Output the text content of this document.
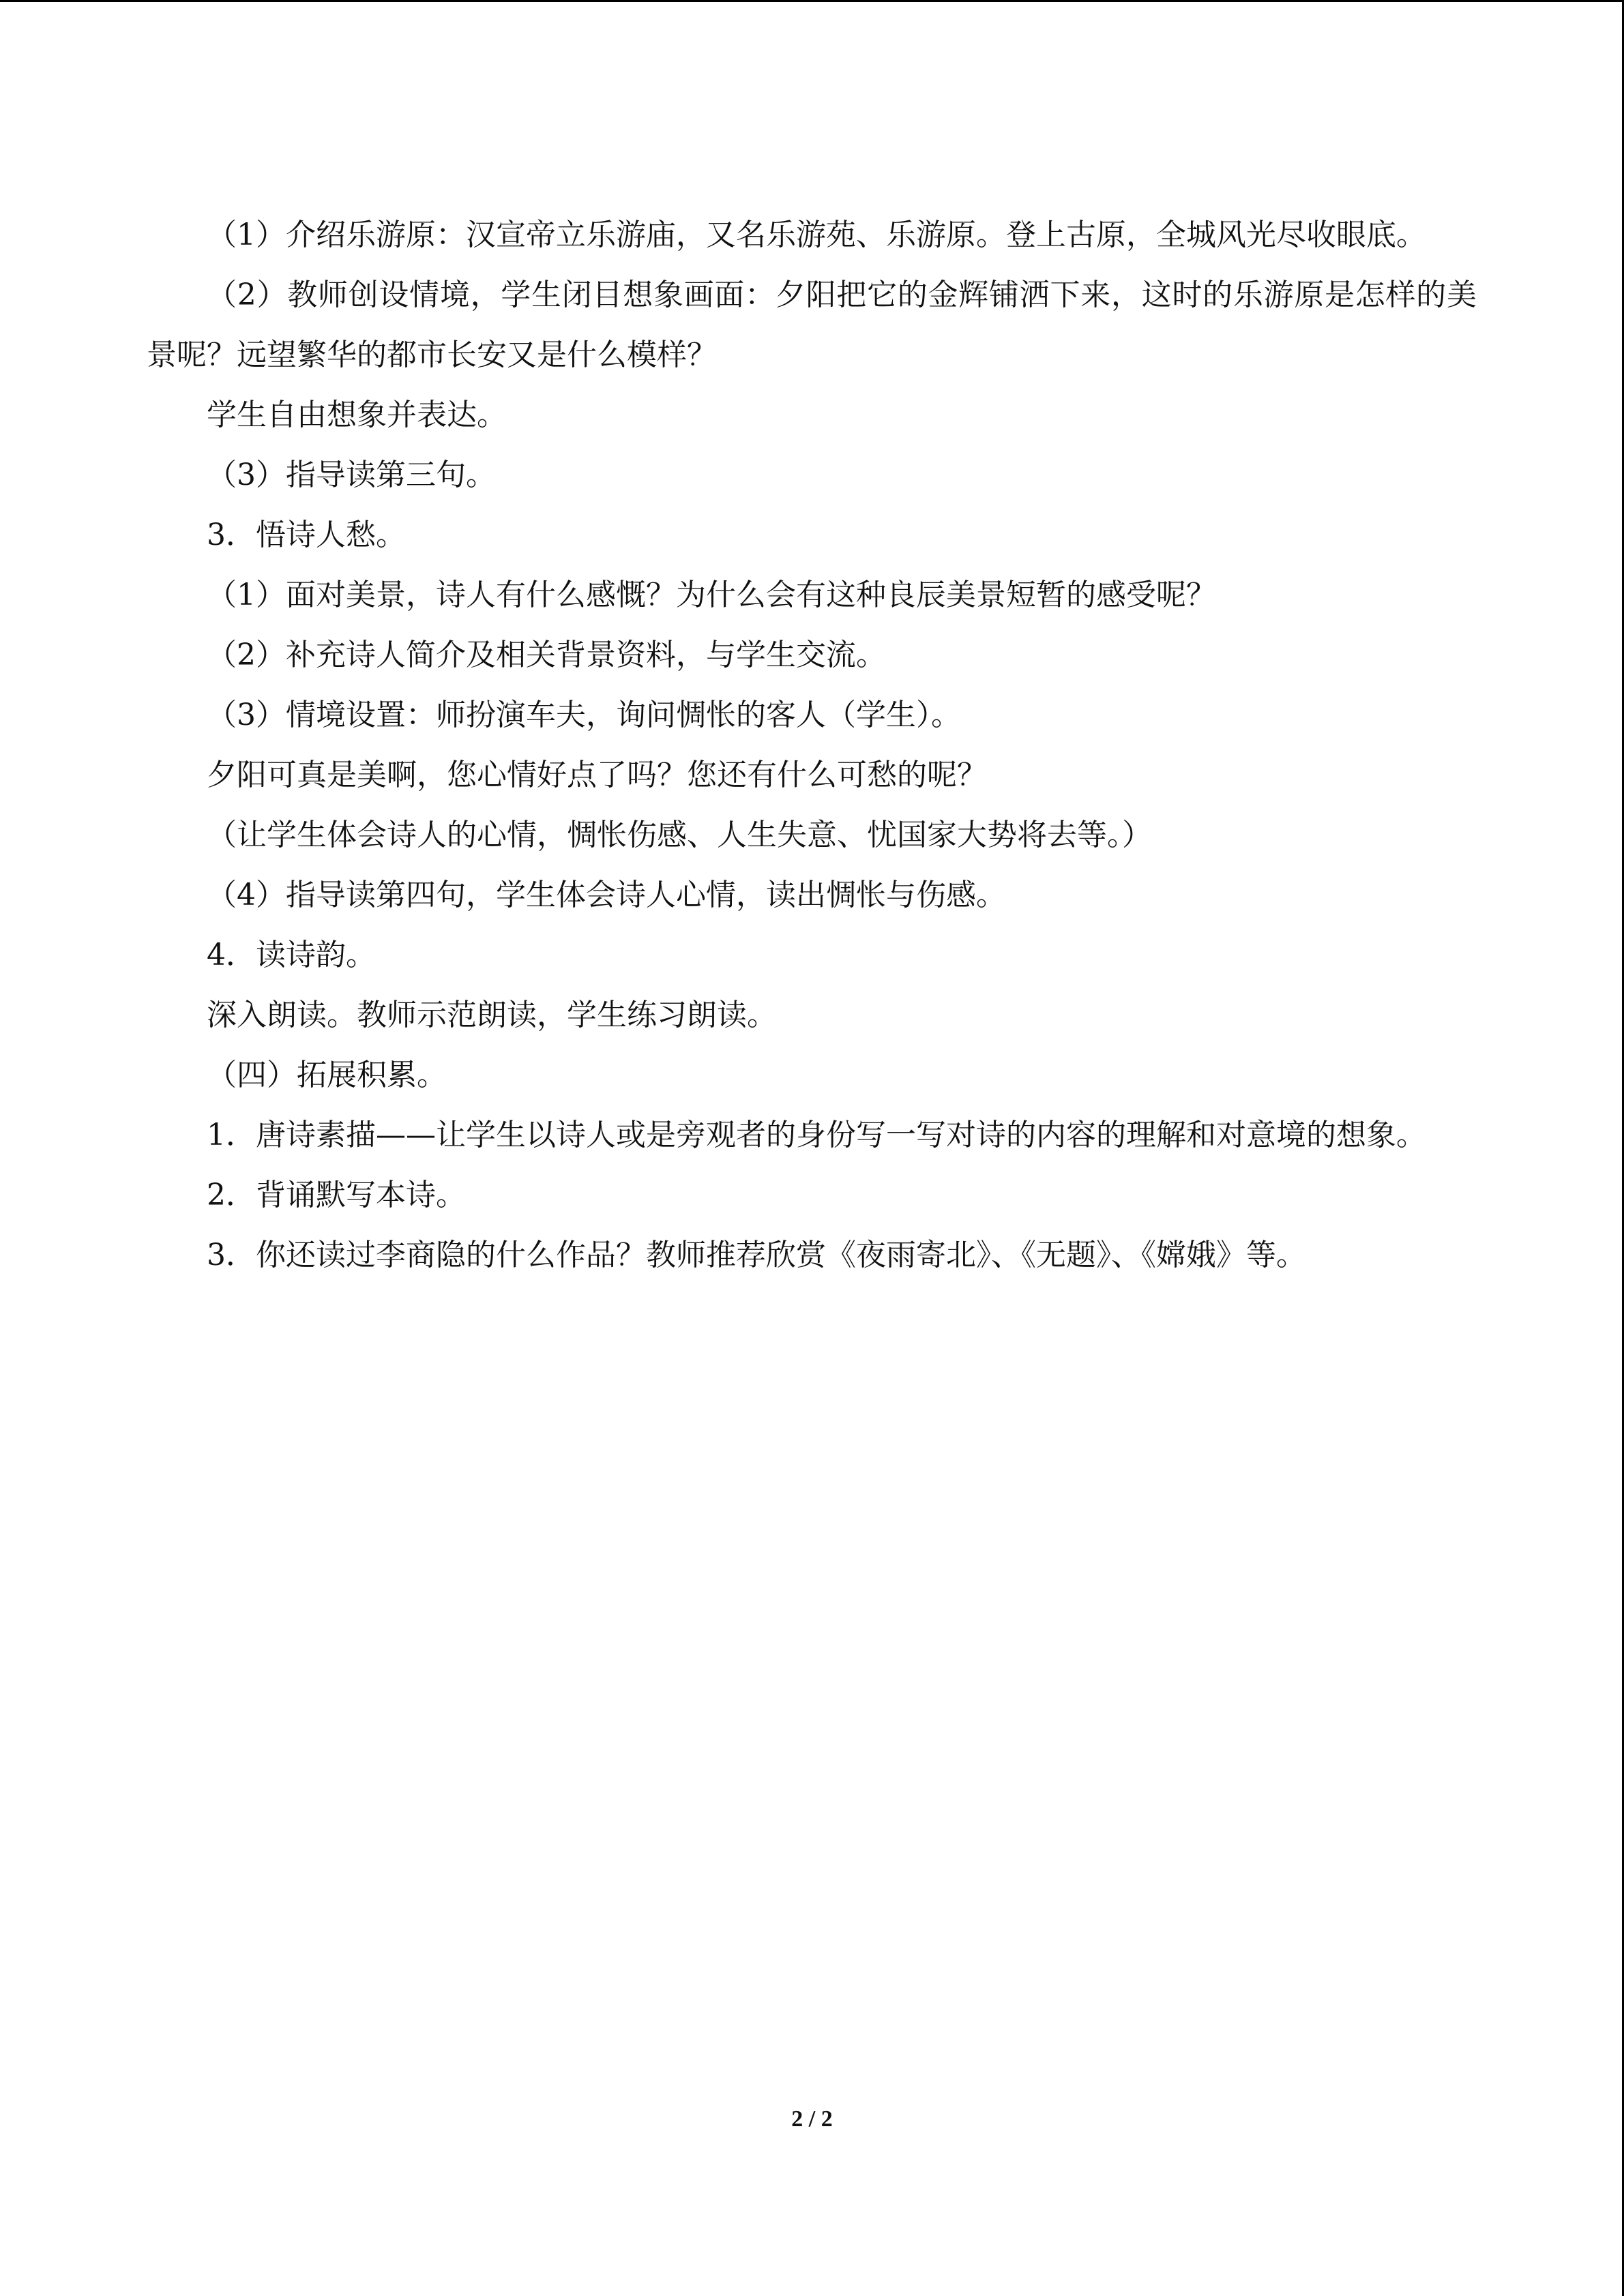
（1）介绍乐游原：汉宣帝立乐游庙，又名乐游苑、乐游原。登上古原，全城风光尽收眼底。

（2）教师创设情境，学生闭目想象画面：夕阳把它的金辉铺洒下来，这时的乐游原是怎样的美景呢？远望繁华的都市长安又是什么模样？

学生自由想象并表达。

（3）指导读第三句。

3．悟诗人愁。

（1）面对美景，诗人有什么感慨？为什么会有这种良辰美景短暂的感受呢？

（2）补充诗人简介及相关背景资料，与学生交流。

（3）情境设置：师扮演车夫，询问惆怅的客人（学生）。

夕阳可真是美啊，您心情好点了吗？您还有什么可愁的呢？

（让学生体会诗人的心情，惆怅伤感、人生失意、忧国家大势将去等。）

（4）指导读第四句，学生体会诗人心情，读出惆怅与伤感。

4．读诗韵。

深入朗读。教师示范朗读，学生练习朗读。

（四）拓展积累。

1．唐诗素描——让学生以诗人或是旁观者的身份写一写对诗的内容的理解和对意境的想象。

2．背诵默写本诗。

3．你还读过李商隐的什么作品？教师推荐欣赏《夜雨寄北》、《无题》、《嫦娥》等。

2 / 2
